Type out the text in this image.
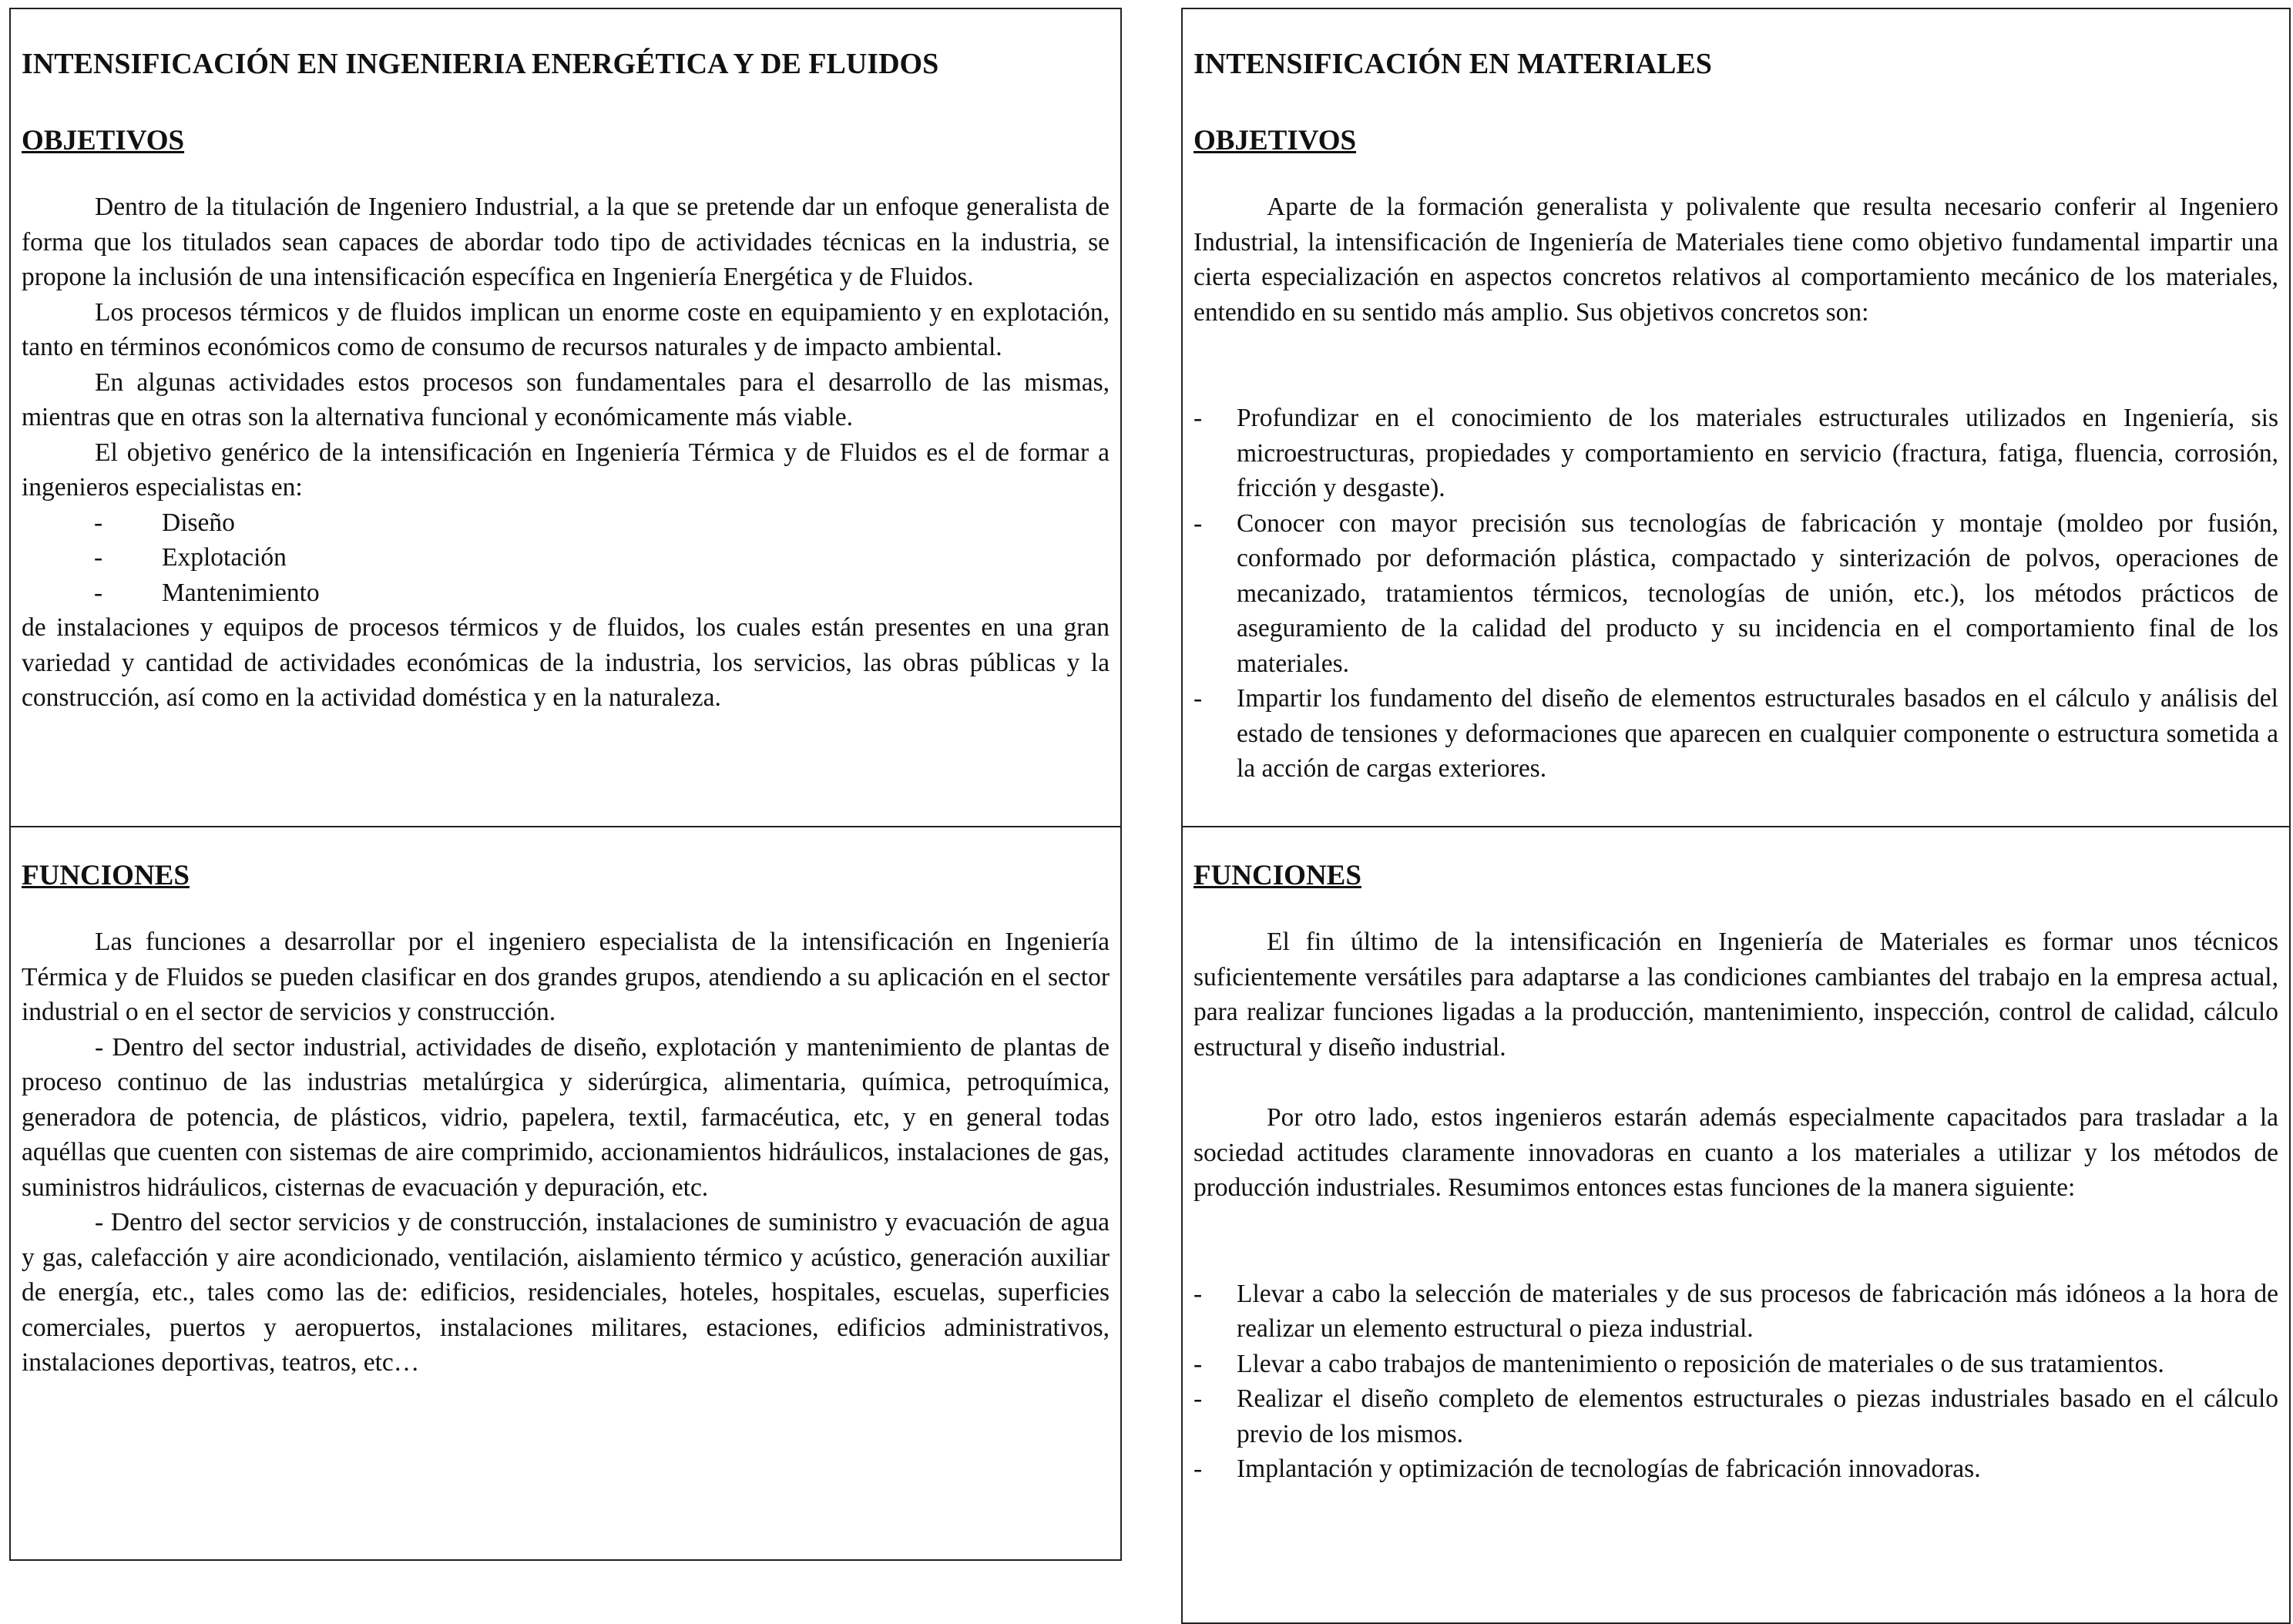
INTENSIFICACIÓN EN INGENIERIA ENERGÉTICA Y DE FLUIDOS
OBJETIVOS

Dentro de la titulación de Ingeniero Industrial, a la que se pretende dar un enfoque generalista de forma que los titulados sean capaces de abordar todo tipo de actividades técnicas en la industria, se propone la inclusión de una intensificación específica en Ingeniería Energética y de Fluidos.

Los procesos térmicos y de fluidos implican un enorme coste en equipamiento y en explotación, tanto en términos económicos como de consumo de recursos naturales y de impacto ambiental.

En algunas actividades estos procesos son fundamentales para el desarrollo de las mismas, mientras que en otras son la alternativa funcional y económicamente más viable.

El objetivo genérico de la intensificación en Ingeniería Térmica y de Fluidos es el de formar a ingenieros especialistas en:

- Diseño
- Explotación
- Mantenimiento

de instalaciones y equipos de procesos térmicos y de fluidos, los cuales están presentes en una gran variedad y cantidad de actividades económicas de la industria, los servicios, las obras públicas y la construcción, así como en la actividad doméstica y en la naturaleza.

FUNCIONES

Las funciones a desarrollar por el ingeniero especialista de la intensificación en Ingeniería Térmica y de Fluidos se pueden clasificar en dos grandes grupos, atendiendo a su aplicación en el sector industrial o en el sector de servicios y construcción.

- Dentro del sector industrial, actividades de diseño, explotación y mantenimiento de plantas de proceso continuo de las industrias metalúrgica y siderúrgica, alimentaria, química, petroquímica, generadora de potencia, de plásticos, vidrio, papelera, textil, farmacéutica, etc, y en general todas aquéllas que cuenten con sistemas de aire comprimido, accionamientos hidráulicos, instalaciones de gas, suministros hidráulicos, cisternas de evacuación y depuración, etc.

- Dentro del sector servicios y de construcción, instalaciones de suministro y evacuación de agua y gas, calefacción y aire acondicionado, ventilación, aislamiento térmico y acústico, generación auxiliar de energía, etc., tales como las de: edificios, residenciales, hoteles, hospitales, escuelas, superficies comerciales, puertos y aeropuertos, instalaciones militares, estaciones, edificios administrativos, instalaciones deportivas, teatros, etc…

INTENSIFICACIÓN EN MATERIALES
OBJETIVOS

Aparte de la formación generalista y polivalente que resulta necesario conferir al Ingeniero Industrial, la intensificación de Ingeniería de Materiales tiene como objetivo fundamental impartir una cierta especialización en aspectos concretos relativos al comportamiento mecánico de los materiales, entendido en su sentido más amplio. Sus objetivos concretos son:

- Profundizar en el conocimiento de los materiales estructurales utilizados en Ingeniería, sis microestructuras, propiedades y comportamiento en servicio (fractura, fatiga, fluencia, corrosión, fricción y desgaste).
- Conocer con mayor precisión sus tecnologías de fabricación y montaje (moldeo por fusión, conformado por deformación plástica, compactado y sinterización de polvos, operaciones de mecanizado, tratamientos térmicos, tecnologías de unión, etc.), los métodos prácticos de aseguramiento de la calidad del producto y su incidencia en el comportamiento final de los materiales.
- Impartir los fundamento del diseño de elementos estructurales basados en el cálculo y análisis del estado de tensiones y deformaciones que aparecen en cualquier componente o estructura sometida a la acción de cargas exteriores.
FUNCIONES

El fin último de la intensificación en Ingeniería de Materiales es formar unos técnicos suficientemente versátiles para adaptarse a las condiciones cambiantes del trabajo en la empresa actual, para realizar funciones ligadas a la producción, mantenimiento, inspección, control de calidad, cálculo estructural y diseño industrial.

Por otro lado, estos ingenieros estarán además especialmente capacitados para trasladar a la sociedad actitudes claramente innovadoras en cuanto a los materiales a utilizar y los métodos de producción industriales. Resumimos entonces estas funciones de la manera siguiente:

- Llevar a cabo la selección de materiales y de sus procesos de fabricación más idóneos a la hora de realizar un elemento estructural o pieza industrial.
- Llevar a cabo trabajos de mantenimiento o reposición de materiales o de sus tratamientos.
- Realizar el diseño completo de elementos estructurales o piezas industriales basado en el cálculo previo de los mismos.
- Implantación y optimización de tecnologías de fabricación innovadoras.
